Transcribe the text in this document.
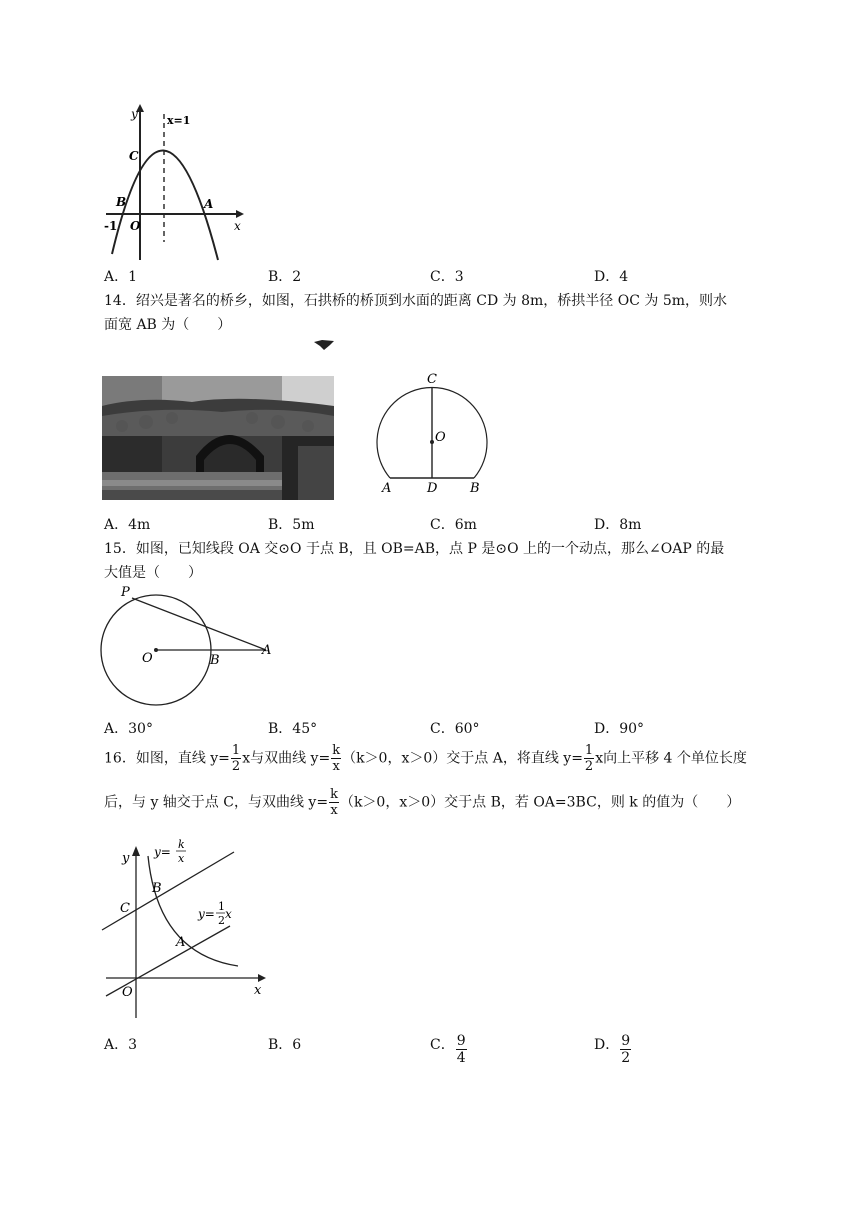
y
x
x=1
C
B	A
O
-1
A．1	B．2	C．3	D．4
14．绍兴是著名的桥乡，如图，石拱桥的桥顶到水面的距离 CD 为 8m，桥拱半径 OC 为 5m，则水
面宽 AB 为（　　）
C
O
A	D	B
A．4m	B．5m	C．6m	D．8m
15．如图，已知线段 OA 交⊙O 于点 B，且 OB=AB，点 P 是⊙O 上的一个动点，那么∠OAP 的最
大值是（　　）
P
O	B
A
A．30°	B．45°	C．60°	D．90°
16．如图，直线 $y= \frac{1}{2}$ x与双曲线 $y= \frac{k}{x} (k>0$，x＞0）交于点 A，将直线 $y= \frac{1}{2}$ x向上平移 4 个单位长度
后，与 y 轴交于点 C，与双曲线 $y= \frac{k}{x} (k>0$，x＞0）交于点 B，若 OA=3BC，则 k 的值为（　　）
y
x
O
C
B
A
y=
k
x
y=
1
2 x
A．3	B．6	C． $\frac{9}{4}$	D． $\frac{9}{2}$
